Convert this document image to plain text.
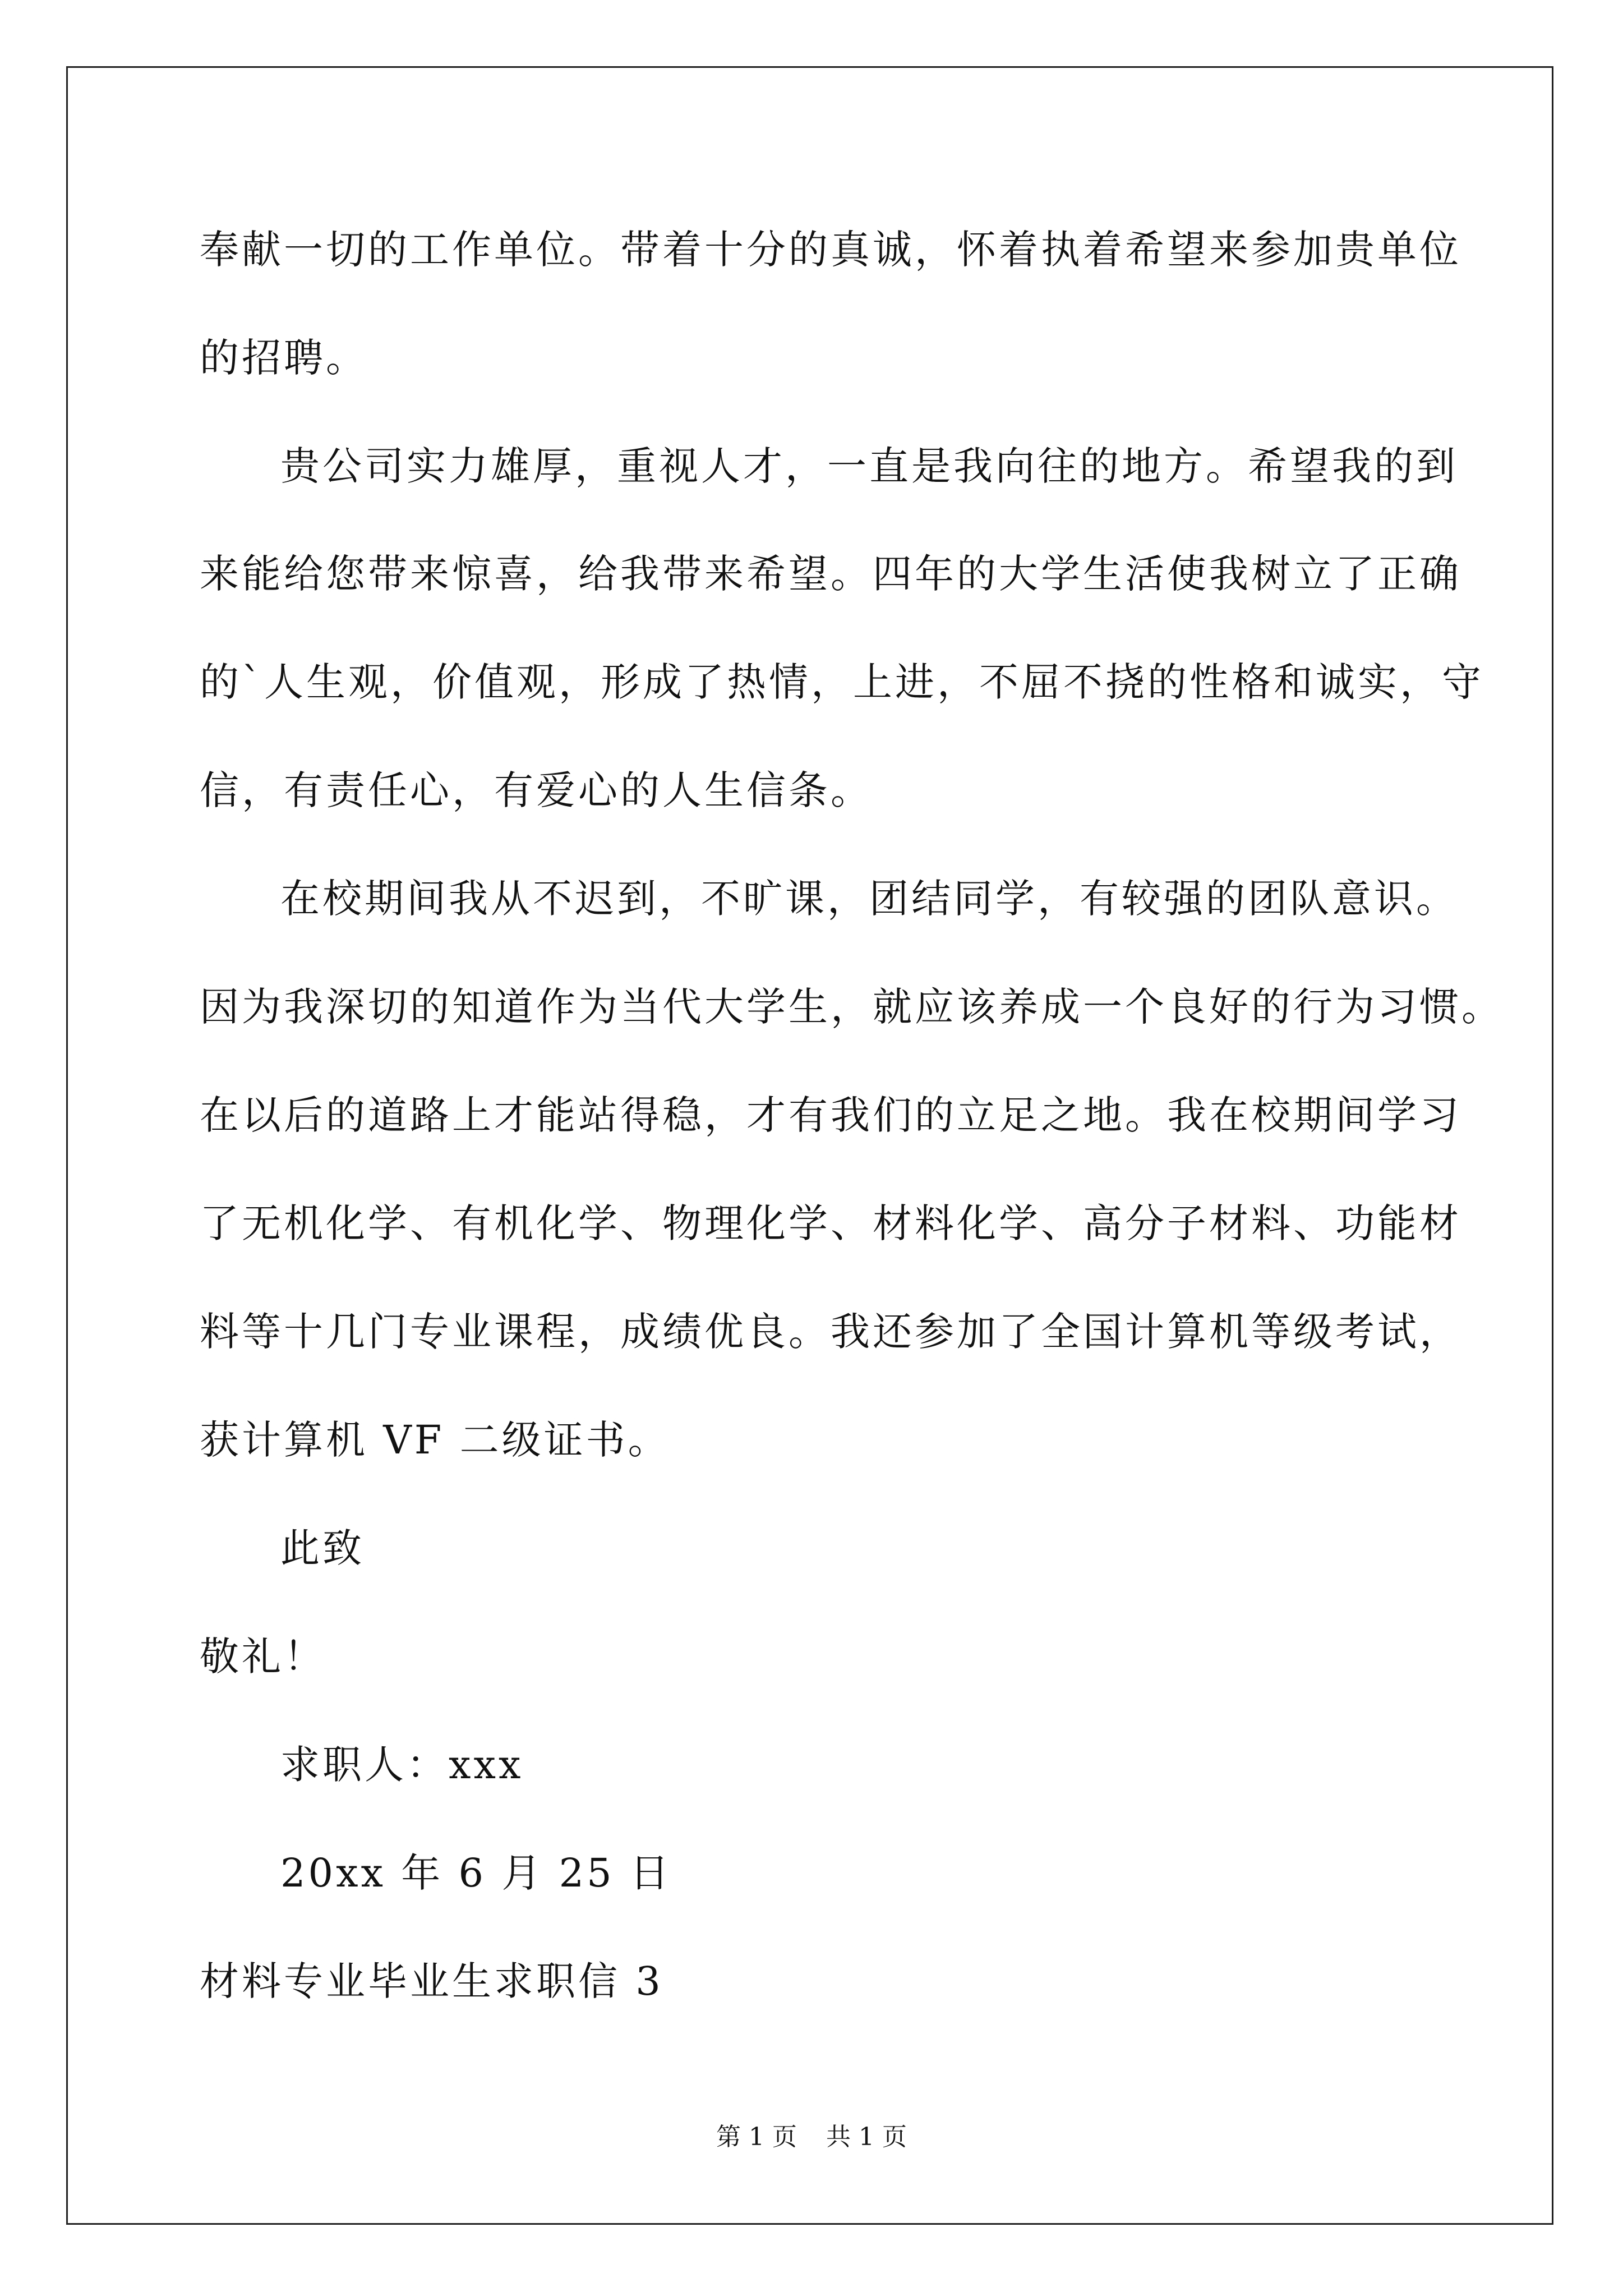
奉献一切的工作单位。带着十分的真诚，怀着执着希望来参加贵单位
的招聘。
贵公司实力雄厚，重视人才，一直是我向往的地方。希望我的到
来能给您带来惊喜，给我带来希望。四年的大学生活使我树立了正确
的`人生观，价值观，形成了热情，上进，不屈不挠的性格和诚实，守
信，有责任心，有爱心的人生信条。
在校期间我从不迟到，不旷课，团结同学，有较强的团队意识。
因为我深切的知道作为当代大学生，就应该养成一个良好的行为习惯。
在以后的道路上才能站得稳，才有我们的立足之地。我在校期间学习
了无机化学、有机化学、物理化学、材料化学、高分子材料、功能材
料等十几门专业课程，成绩优良。我还参加了全国计算机等级考试，
获计算机 VF 二级证书。
此致
敬礼！
求职人：xxx
20xx 年 6 月 25 日
材料专业毕业生求职信 3
第 1 页 共 1 页
